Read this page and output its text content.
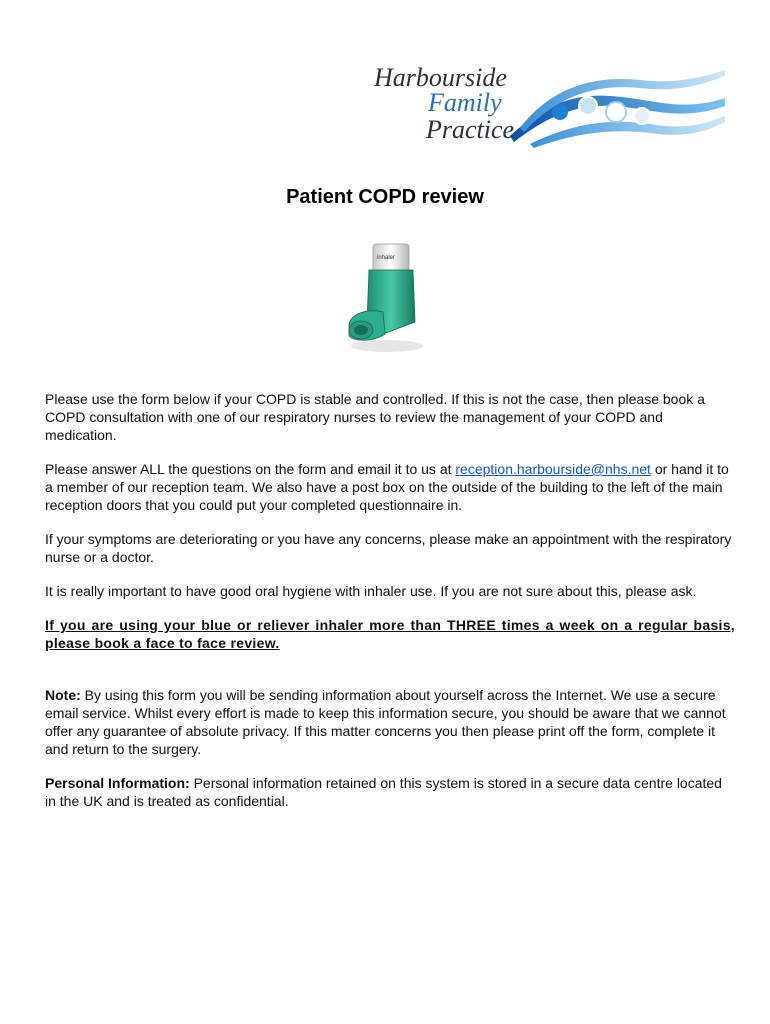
Harbourside
Family
Practice
Patient COPD review
inhaler

Please use the form below if your COPD is stable and controlled. If this is not the case, then please book a COPD consultation with one of our respiratory nurses to review the management of your COPD and medication.

Please answer ALL the questions on the form and email it to us at reception.harbourside@nhs.net or hand it to a member of our reception team. We also have a post box on the outside of the building to the left of the main reception doors that you could put your completed questionnaire in.

If your symptoms are deteriorating or you have any concerns, please make an appointment with the respiratory nurse or a doctor.

It is really important to have good oral hygiene with inhaler use. If you are not sure about this, please ask.

If you are using your blue or reliever inhaler more than THREE times a week on a regular basis, please book a face to face review.

Note: By using this form you will be sending information about yourself across the Internet. We use a secure email service. Whilst every effort is made to keep this information secure, you should be aware that we cannot offer any guarantee of absolute privacy. If this matter concerns you then please print off the form, complete it and return to the surgery.

Personal Information: Personal information retained on this system is stored in a secure data centre located in the UK and is treated as confidential.
